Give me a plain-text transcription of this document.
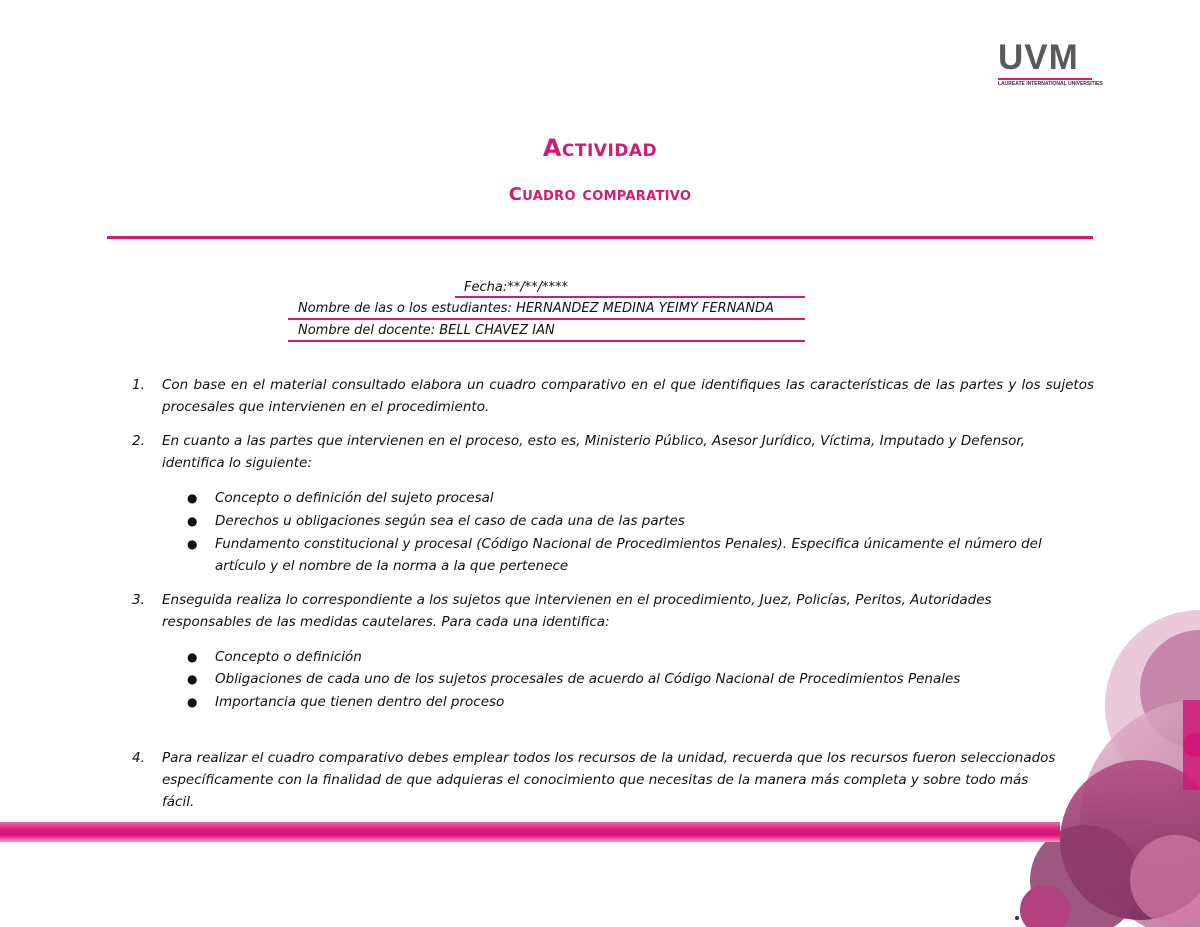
UVM
LAUREATE INTERNATIONAL UNIVERSITIES
Actividad
Cuadro comparativo
Fecha:**/**/****
Nombre de las o los estudiantes: HERNANDEZ MEDINA YEIMY FERNANDA
Nombre del docente: BELL CHAVEZ IAN
1. Con base en el material consultado elabora un cuadro comparativo en el que identifiques las características de las partes y los sujetos procesales que intervienen en el procedimiento.
2. En cuanto a las partes que intervienen en el proceso, esto es, Ministerio Público, Asesor Jurídico, Víctima, Imputado y Defensor, identifica lo siguiente:
● Concepto o definición del sujeto procesal
● Derechos u obligaciones según sea el caso de cada una de las partes
● Fundamento constitucional y procesal (Código Nacional de Procedimientos Penales). Especifica únicamente el número del artículo y el nombre de la norma a la que pertenece
3. Enseguida realiza lo correspondiente a los sujetos que intervienen en el procedimiento, Juez, Policías, Peritos, Autoridades responsables de las medidas cautelares. Para cada una identifica:
● Concepto o definición
● Obligaciones de cada uno de los sujetos procesales de acuerdo al Código Nacional de Procedimientos Penales
● Importancia que tienen dentro del proceso
4. Para realizar el cuadro comparativo debes emplear todos los recursos de la unidad, recuerda que los recursos fueron seleccionados específicamente con la finalidad de que adquieras el conocimiento que necesitas de la manera más completa y sobre todo más fácil.
